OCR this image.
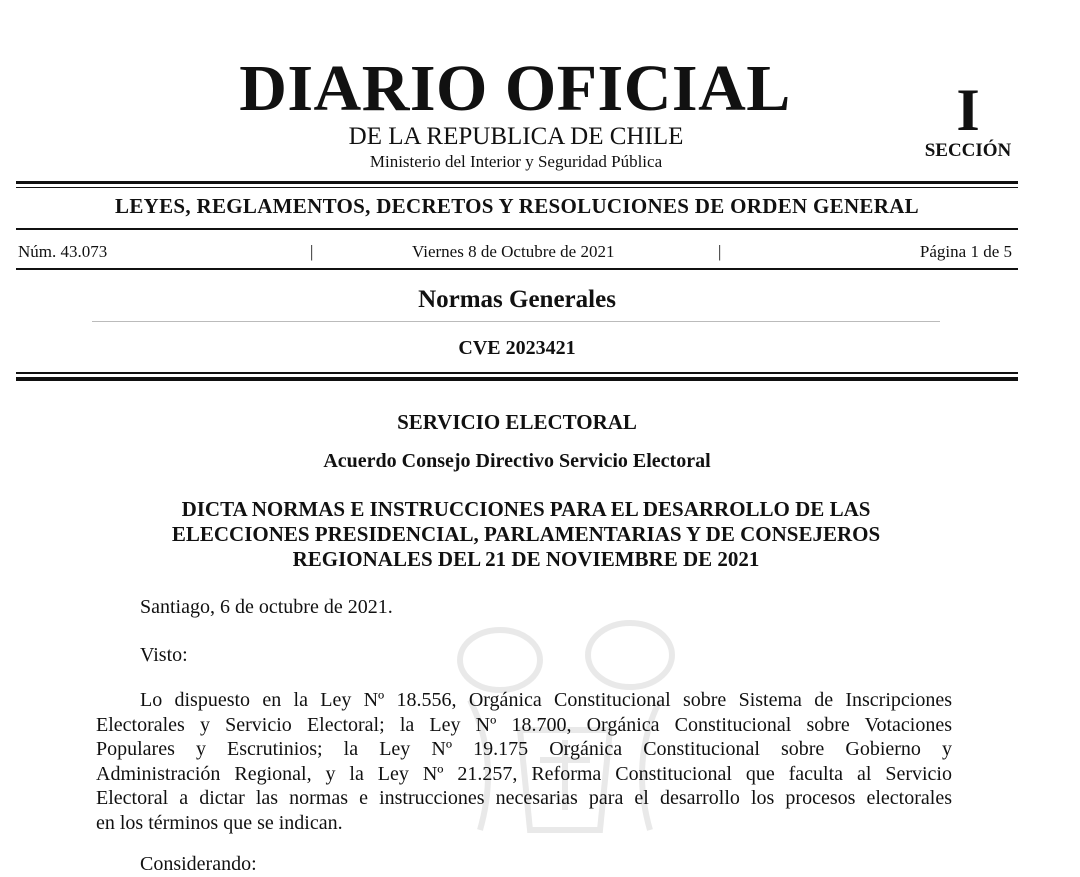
DIARIO OFICIAL
DE LA REPUBLICA DE CHILE
Ministerio del Interior y Seguridad Pública
I
SECCIÓN
LEYES, REGLAMENTOS, DECRETOS Y RESOLUCIONES DE ORDEN GENERAL
Núm. 43.073	|	Viernes 8 de Octubre de 2021	|	Página 1 de 5
Normas Generales
CVE 2023421
SERVICIO ELECTORAL
Acuerdo Consejo Directivo Servicio Electoral
DICTA NORMAS E INSTRUCCIONES PARA EL DESARROLLO DE LAS
ELECCIONES PRESIDENCIAL, PARLAMENTARIAS Y DE CONSEJEROS
REGIONALES DEL 21 DE NOVIEMBRE DE 2021

Santiago, 6 de octubre de 2021.

Visto:

Lo dispuesto en la Ley Nº 18.556, Orgánica Constitucional sobre Sistema de Inscripciones
Electorales y Servicio Electoral; la Ley Nº 18.700, Orgánica Constitucional sobre Votaciones
Populares y Escrutinios; la Ley Nº 19.175 Orgánica Constitucional sobre Gobierno y
Administración Regional, y la Ley Nº 21.257, Reforma Constitucional que faculta al Servicio
Electoral a dictar las normas e instrucciones necesarias para el desarrollo los procesos electorales
en los términos que se indican.

Considerando:
